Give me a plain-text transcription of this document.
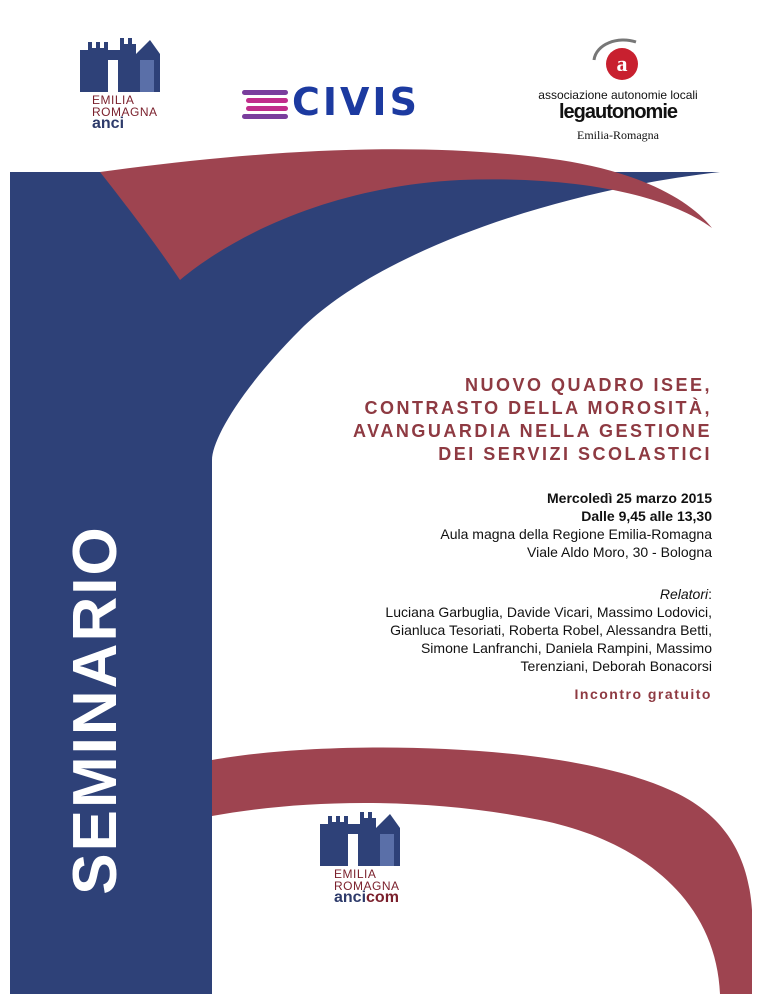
EMILIA
ROMAGNA
anci	CIVIS
a
associazione autonomie locali
legautonomie
Emilia-Romagna
SEMINARIO
NUOVO QUADRO ISEE,
CONTRASTO DELLA MOROSITÀ,
AVANGUARDIA NELLA GESTIONE
DEI SERVIZI SCOLASTICI
Mercoledì 25 marzo 2015
Dalle 9,45 alle 13,30
Aula magna della Regione Emilia-Romagna
Viale Aldo Moro, 30 - Bologna
Relatori:
Luciana Garbuglia, Davide Vicari, Massimo Lodovici,
Gianluca Tesoriati, Roberta Robel, Alessandra Betti,
Simone Lanfranchi, Daniela Rampini, Massimo
Terenziani, Deborah Bonacorsi
Incontro gratuito
EMILIA
ROMAGNA
ancicom
